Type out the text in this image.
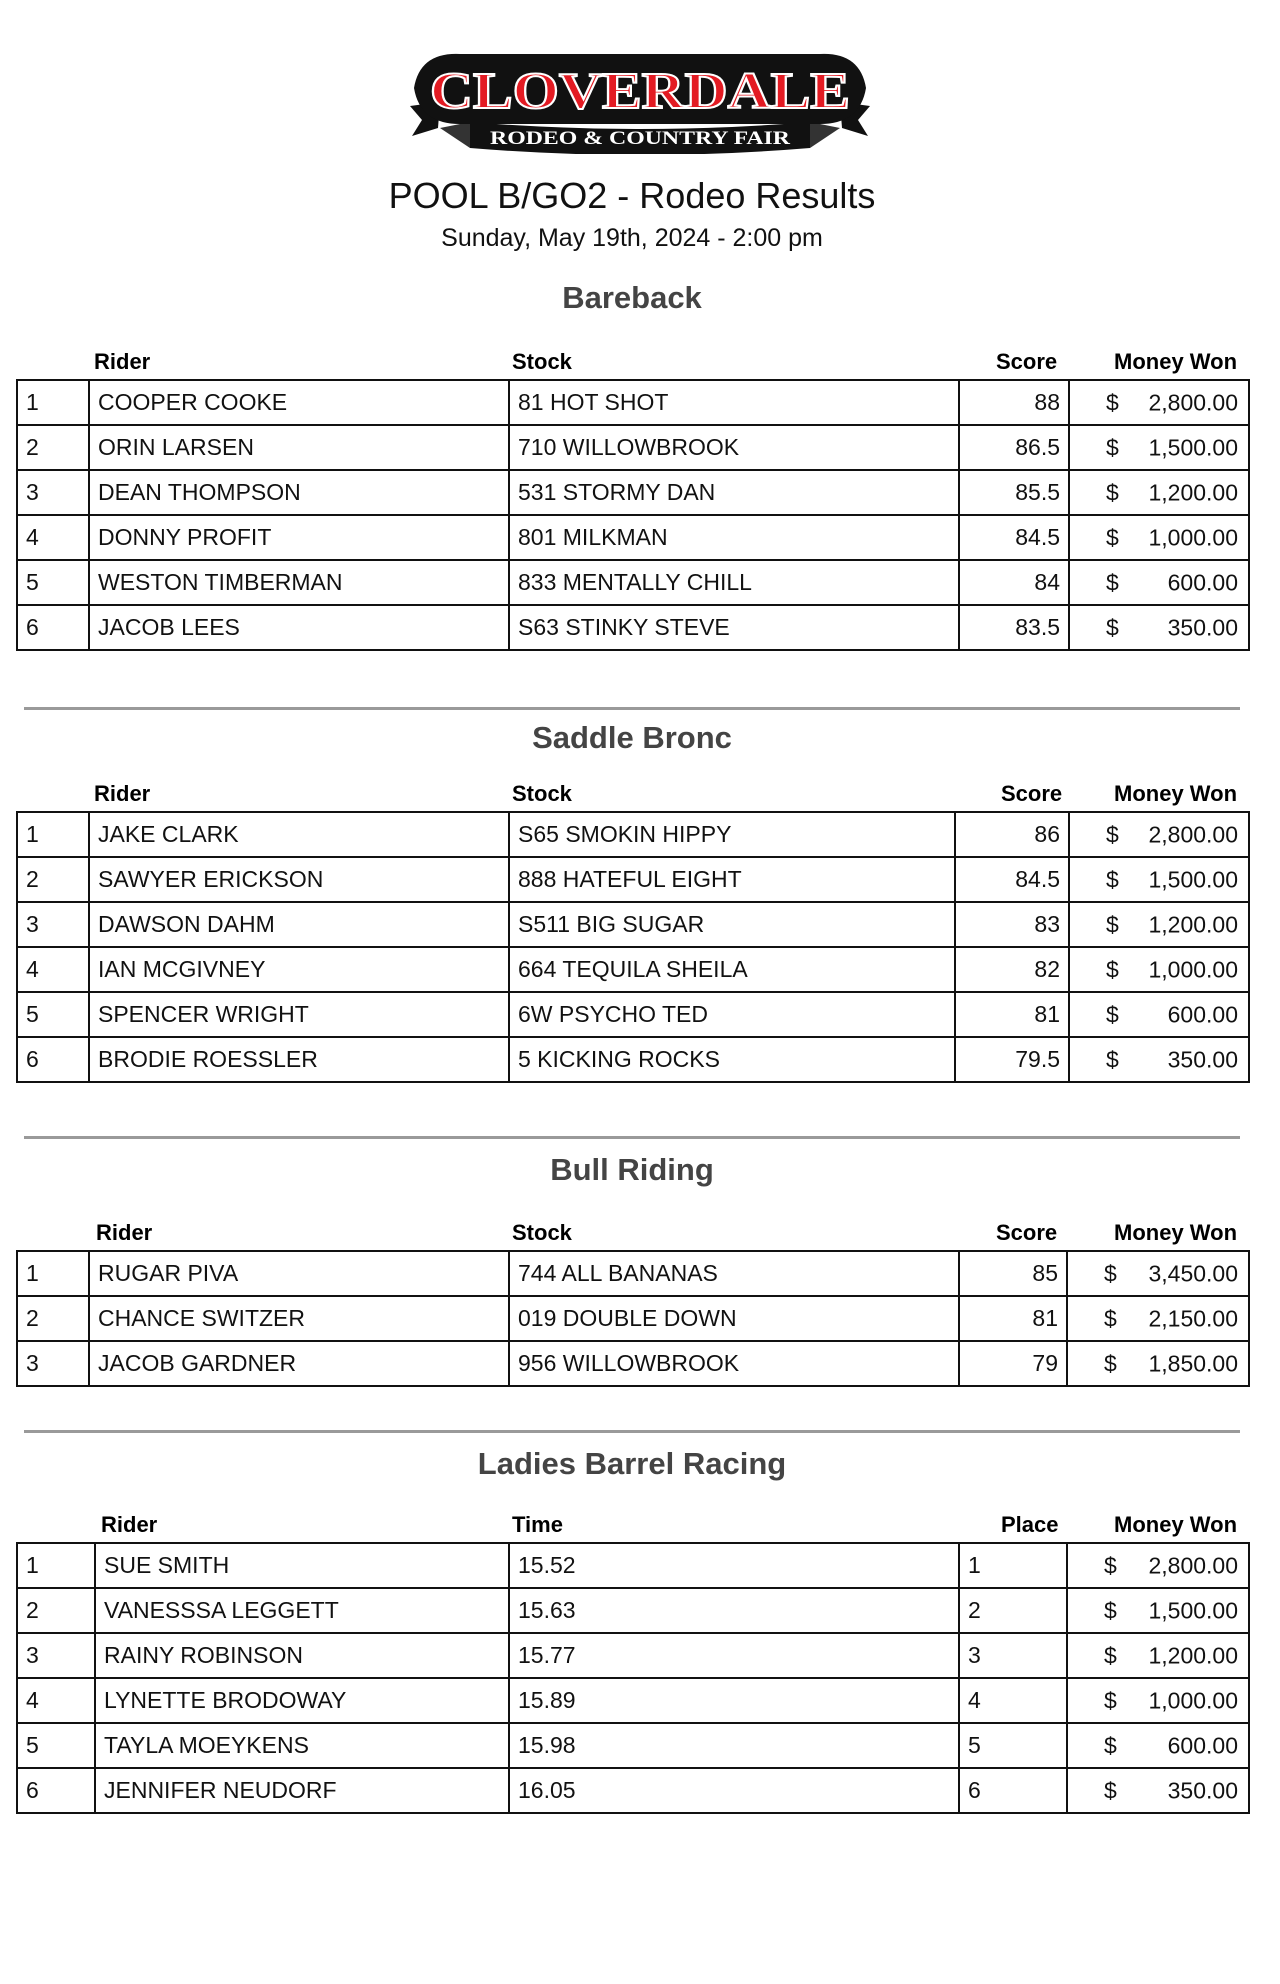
CLOVERDALE
RODEO & COUNTRY FAIR
POOL B/GO2 - Rodeo Results
Sunday, May 19th, 2024 - 2:00 pm
Bareback
Rider	Stock	Score	Money Won
1	COOPER COOKE	81 HOT SHOT	88	$ 2,800.00

2	ORIN LARSEN	710 WILLOWBROOK	86.5	$ 1,500.00

3	DEAN THOMPSON	531 STORMY DAN	85.5	$ 1,200.00

4	DONNY PROFIT	801 MILKMAN	84.5	$ 1,000.00

5	WESTON TIMBERMAN	833 MENTALLY CHILL	84	$ 600.00

6	JACOB LEES	S63 STINKY STEVE	83.5	$ 350.00
Saddle Bronc
Rider	Stock	Score Money Won
1	JAKE CLARK	S65 SMOKIN HIPPY	86	$ 2,800.00

2	SAWYER ERICKSON	888 HATEFUL EIGHT	84.5	$ 1,500.00

3	DAWSON DAHM	S511 BIG SUGAR	83	$ 1,200.00

4	IAN MCGIVNEY	664 TEQUILA SHEILA	82	$ 1,000.00

5	SPENCER WRIGHT	6W PSYCHO TED	81	$ 600.00

6	BRODIE ROESSLER	5 KICKING ROCKS	79.5	$ 350.00
Bull Riding
Rider	Stock	Score	Money Won
1	RUGAR PIVA	744 ALL BANANAS	85	$ 3,450.00

2	CHANCE SWITZER	019 DOUBLE DOWN	81	$ 2,150.00

3	JACOB GARDNER	956 WILLOWBROOK	79	$ 1,850.00
Ladies Barrel Racing
Rider	Time	Place	Money Won
1	SUE SMITH	15.52	1	$ 2,800.00

2	VANESSSA LEGGETT	15.63	2	$ 1,500.00

3	RAINY ROBINSON	15.77	3	$ 1,200.00

4	LYNETTE BRODOWAY	15.89	4	$ 1,000.00

5	TAYLA MOEYKENS	15.98	5	$ 600.00

6	JENNIFER NEUDORF	16.05	6	$ 350.00
